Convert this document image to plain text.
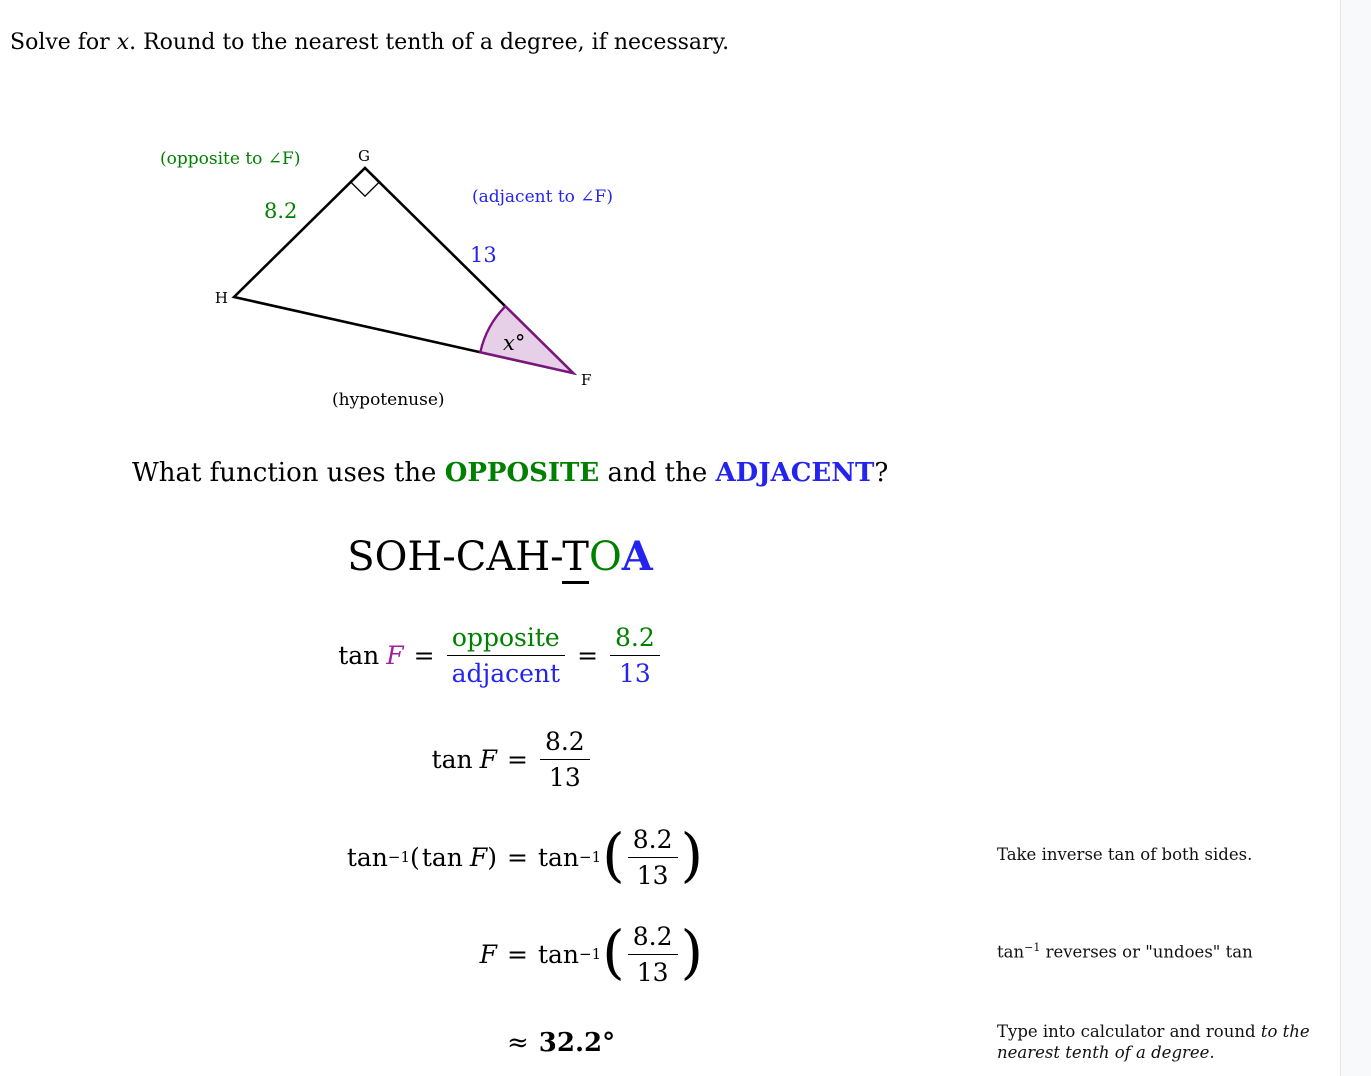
Solve for x. Round to the nearest tenth of a degree, if necessary.
G
H
F
(opposite to ∠F)
8.2
(adjacent to ∠F)
13
(hypotenuse)
x°
What function uses the OPPOSITE and the ADJACENT?
SOH-CAH-TOA
$\tan F = \frac{\text{opposite}}{\text{adjacent}} = \frac{8.2}{13}$
$\tan F = \frac{8.2}{13}$
tan −1 ( tan F ) = tan −1 ( $\frac{8.2}{13}$ )
F = tan −1 ( $\frac{8.2}{13}$ )
≈ 32.2 °
Take inverse tan of both sides.
$\tan^{-1}$ reverses or "undoes" tan
Type into calculator and round to the nearest tenth of a degree.
